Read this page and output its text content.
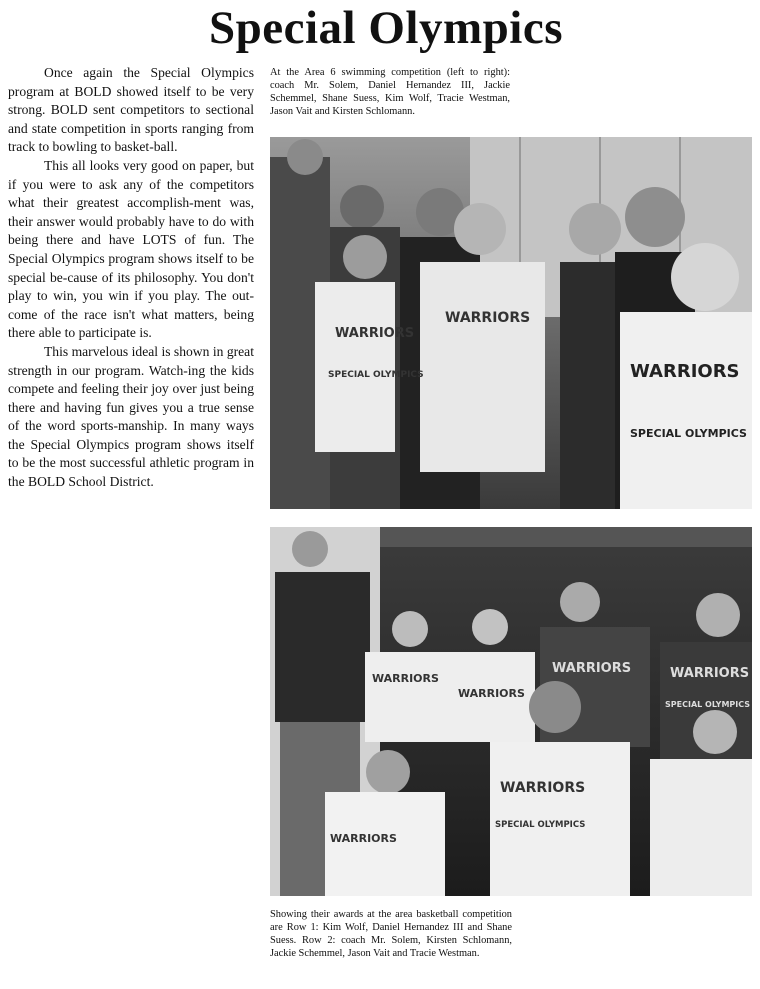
Special Olympics

Once again the Special Olympics program at BOLD showed itself to be very strong. BOLD sent competitors to sectional and state competition in sports ranging from track to bowling to basket-ball.

This all looks very good on paper, but if you were to ask any of the competitors what their greatest accomplish-ment was, their answer would probably have to do with being there and have LOTS of fun. The Special Olympics program shows itself to be special be-cause of its philosophy. You don't play to win, you win if you play. The out-come of the race isn't what matters, being there able to participate is.

This marvelous ideal is shown in great strength in our program. Watch-ing the kids compete and feeling their joy over just being there and having fun gives you a true sense of the word sports-manship. In many ways the Special Olympics program shows itself to be the most successful athletic program in the BOLD School District.

At the Area 6 swimming competition (left to right): coach Mr. Solem, Daniel Hernandez III, Jackie Schemmel, Shane Suess, Kim Wolf, Tracie Westman, Jason Vait and Kirsten Schlomann.
WARRIORS
WARRIORS
SPECIAL OLYMPICS	WARRIORS
SPECIAL OLYMPICS
WARRIORS
WARRIORS
WARRIORS	WARRIORS
SPECIAL OLYMPICS
WARRIORS
WARRIORS
SPECIAL OLYMPICS
Showing their awards at the area basketball competition are Row 1: Kim Wolf, Daniel Hernandez III and Shane Suess. Row 2: coach Mr. Solem, Kirsten Schlomann, Jackie Schemmel, Jason Vait and Tracie Westman.
